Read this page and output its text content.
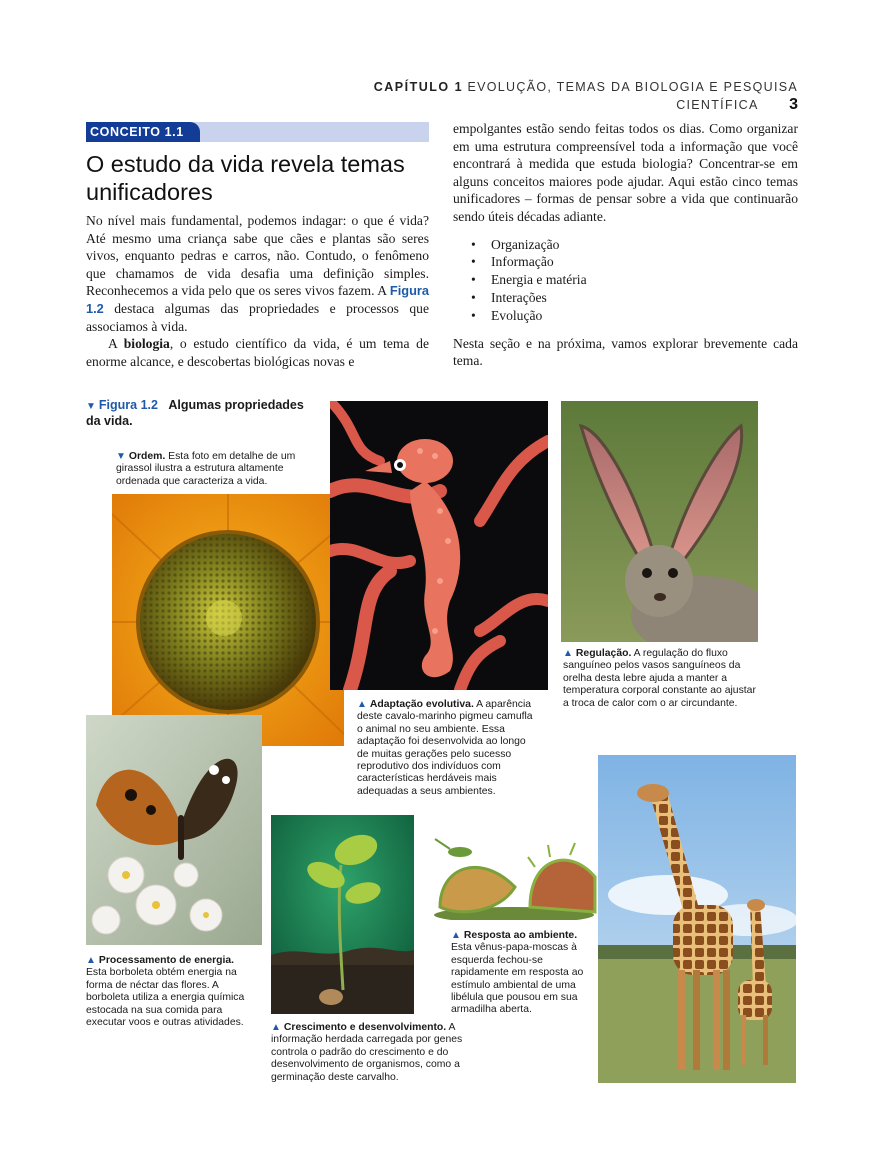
CAPÍTULO 1 EVOLUÇÃO, TEMAS DA BIOLOGIA E PESQUISA CIENTÍFICA 3
CONCEITO 1.1
O estudo da vida revela temas unificadores

No nível mais fundamental, podemos indagar: o que é vida? Até mesmo uma criança sabe que cães e plantas são seres vivos, enquanto pedras e carros, não. Contudo, o fenômeno que chamamos de vida desafia uma definição simples. Reconhecemos a vida pelo que os seres vivos fazem. A Figura 1.2 destaca algumas das propriedades e processos que associamos à vida.

A biologia, o estudo científico da vida, é um tema de enorme alcance, e descobertas biológicas novas e

empolgantes estão sendo feitas todos os dias. Como organizar em uma estrutura compreensível toda a informação que você encontrará à medida que estuda biologia? Concentrar-se em alguns conceitos maiores pode ajudar. Aqui estão cinco temas unificadores – formas de pensar sobre a vida que continuarão sendo úteis décadas adiante.

• Organização
• Informação
• Energia e matéria
• Interações
• Evolução

Nesta seção e na próxima, vamos explorar brevemente cada tema.

▼ Figura 1.2 Algumas propriedades da vida.
▼ Ordem. Esta foto em detalhe de um girassol ilustra a estrutura altamente ordenada que caracteriza a vida.
▲ Adaptação evolutiva. A aparência deste cavalo-marinho pigmeu camufla o animal no seu ambiente. Essa adaptação foi desenvolvida ao longo de muitas gerações pelo sucesso reprodutivo dos indivíduos com características herdáveis mais adequadas a seus ambientes.
▲ Regulação. A regulação do fluxo sanguíneo pelos vasos sanguíneos da orelha desta lebre ajuda a manter a temperatura corporal constante ao ajustar a troca de calor com o ar circundante.
▲ Processamento de energia. Esta borboleta obtém energia na forma de néctar das flores. A borboleta utiliza a energia química estocada na sua comida para executar voos e outras atividades.	▲ Crescimento e desenvolvimento. A informação herdada carregada por genes controla o padrão do crescimento e do desenvolvimento de organismos, como a germinação deste carvalho.
▲ Resposta ao ambiente. Esta vênus-papa-moscas à esquerda fechou-se rapidamente em resposta ao estímulo ambiental de uma libélula que pousou em sua armadilha aberta.
